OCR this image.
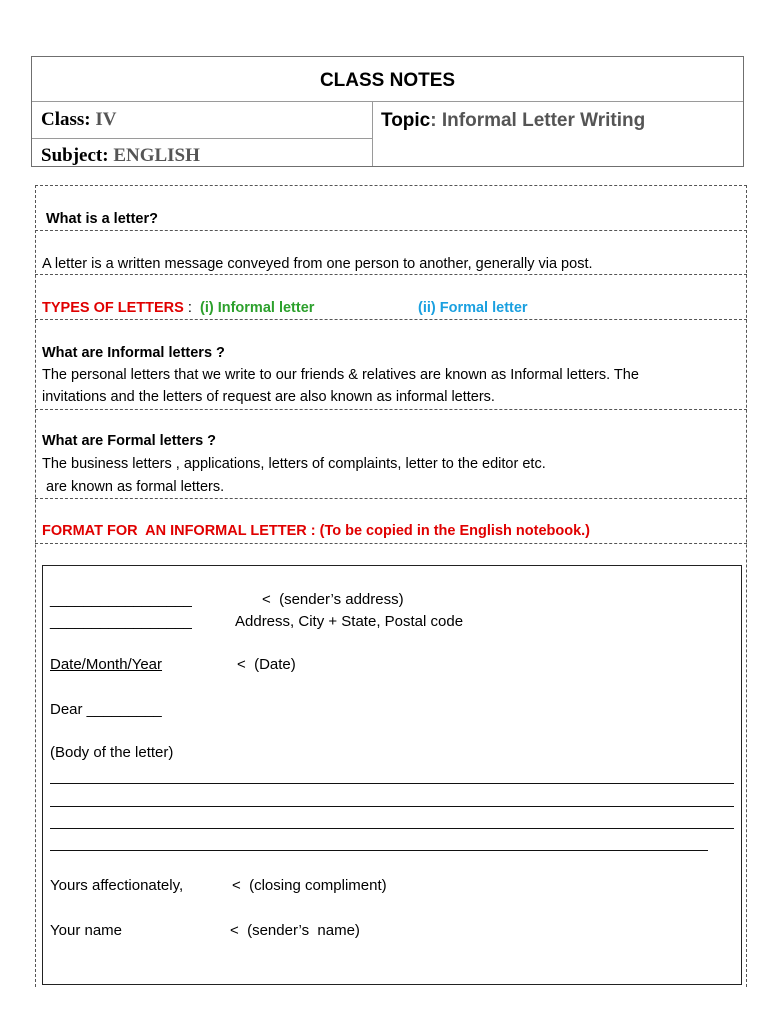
CLASS NOTES
Class: IV	Topic: Informal Letter Writing
Subject: ENGLISH
What is a letter?
A letter is a written message conveyed from one person to another, generally via post.
TYPES OF LETTERS : (i) Informal letter	(ii) Formal letter
What are Informal letters ?
The personal letters that we write to our friends & relatives are known as Informal letters. The
invitations and the letters of request are also known as informal letters.
What are Formal letters ?
The business letters , applications, letters of complaints, letter to the editor etc.
are known as formal letters.
FORMAT FOR  AN INFORMAL LETTER : (To be copied in the English notebook.)
_________________
_________________
<  (sender’s address)
Address, City + State, Postal code
Date/Month/Year	<  (Date)
Dear _________
(Body of the letter)
Yours affectionately,	<  (closing compliment)
Your name	<  (sender’s  name)
